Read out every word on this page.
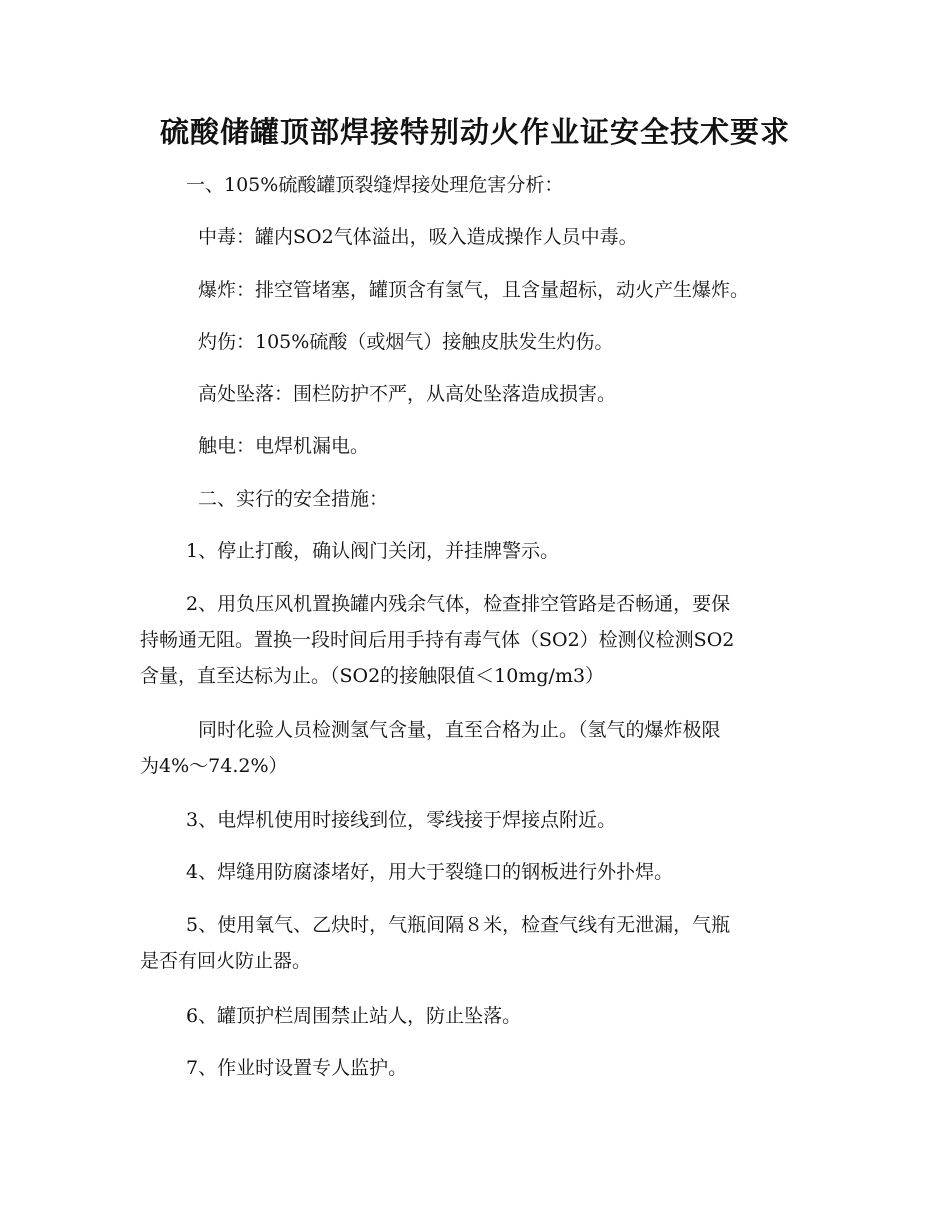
硫酸储罐顶部焊接特别动火作业证安全技术要求

一、105%硫酸罐顶裂缝焊接处理危害分析：

中毒：罐内SO2气体溢出，吸入造成操作人员中毒。

爆炸：排空管堵塞，罐顶含有氢气，且含量超标，动火产生爆炸。

灼伤：105%硫酸（或烟气）接触皮肤发生灼伤。

高处坠落：围栏防护不严，从高处坠落造成损害。

触电：电焊机漏电。

二、实行的安全措施：

1、停止打酸，确认阀门关闭，并挂牌警示。

2、用负压风机置换罐内残余气体，检查排空管路是否畅通，要保
持畅通无阻。置换一段时间后用手持有毒气体（SO2）检测仪检测SO2
含量，直至达标为止。（SO2的接触限值＜10mg/m3）
同时化验人员检测氢气含量，直至合格为止。（氢气的爆炸极限
为4%～74.2%）

3、电焊机使用时接线到位，零线接于焊接点附近。

4、焊缝用防腐漆堵好，用大于裂缝口的钢板进行外扑焊。

5、使用氧气、乙炔时，气瓶间隔８米，检查气线有无泄漏，气瓶
是否有回火防止器。

6、罐顶护栏周围禁止站人，防止坠落。

7、作业时设置专人监护。
